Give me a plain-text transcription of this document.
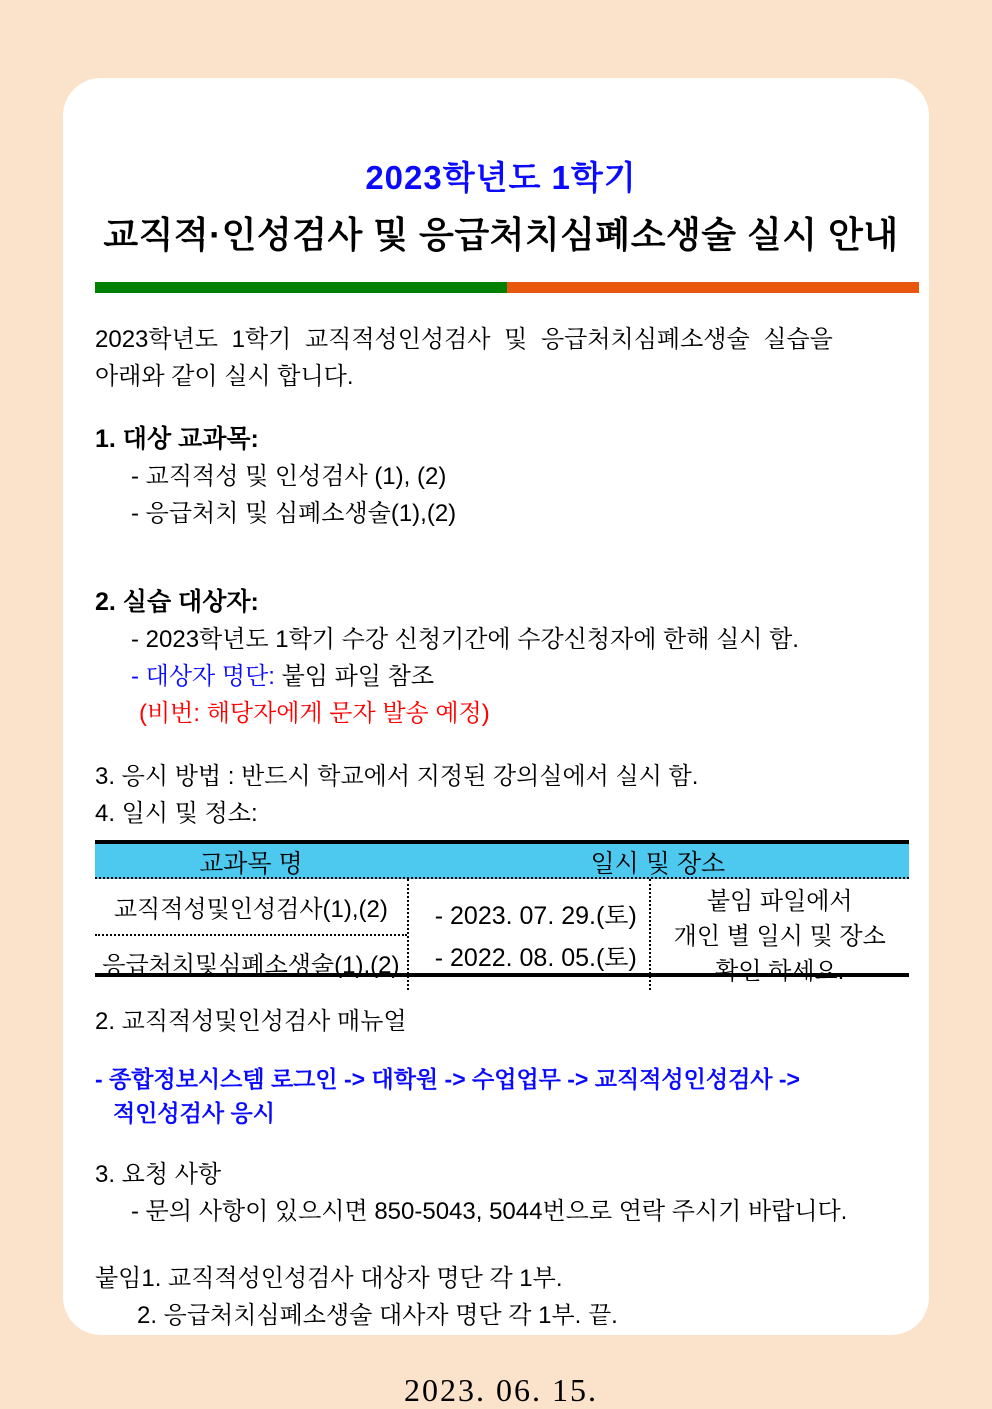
2023학년도 1학기
교직적·인성검사 및 응급처치심폐소생술 실시 안내
2023학년도 1학기 교직적성인성검사 및 응급처치심폐소생술 실습을
아래와 같이 실시 합니다.
1. 대상 교과목:
- 교직적성 및 인성검사 (1), (2)
- 응급처치 및 심폐소생술(1),(2)
2. 실습 대상자:
- 2023학년도 1학기 수강 신청기간에 수강신청자에 한해 실시 함.
- 대상자 명단: 붙임 파일 참조
(비번: 해당자에게 문자 발송 예정)
3. 응시 방법 : 반드시 학교에서 지정된 강의실에서 실시 함.
4. 일시 및 정소:
교과목 명	일시 및 장소
교직적성및인성검사(1),(2)
응급처치및심폐소생술(1),(2)
- 2023. 07. 29.(토)
- 2022. 08. 05.(토)
붙임 파일에서
개인 별 일시 및 장소
확인 하세요.
2. 교직적성및인성검사 매뉴얼
- 종합정보시스템 로그인 -> 대학원 -> 수업업무 -> 교직적성인성검사 ->
적인성검사 응시
3. 요청 사항
- 문의 사항이 있으시면 850-5043, 5044번으로 연락 주시기 바랍니다.
붙임1. 교직적성인성검사 대상자 명단 각 1부.
2. 응급처치심폐소생술 대사자 명단 각 1부. 끝.
2023. 06. 15.
